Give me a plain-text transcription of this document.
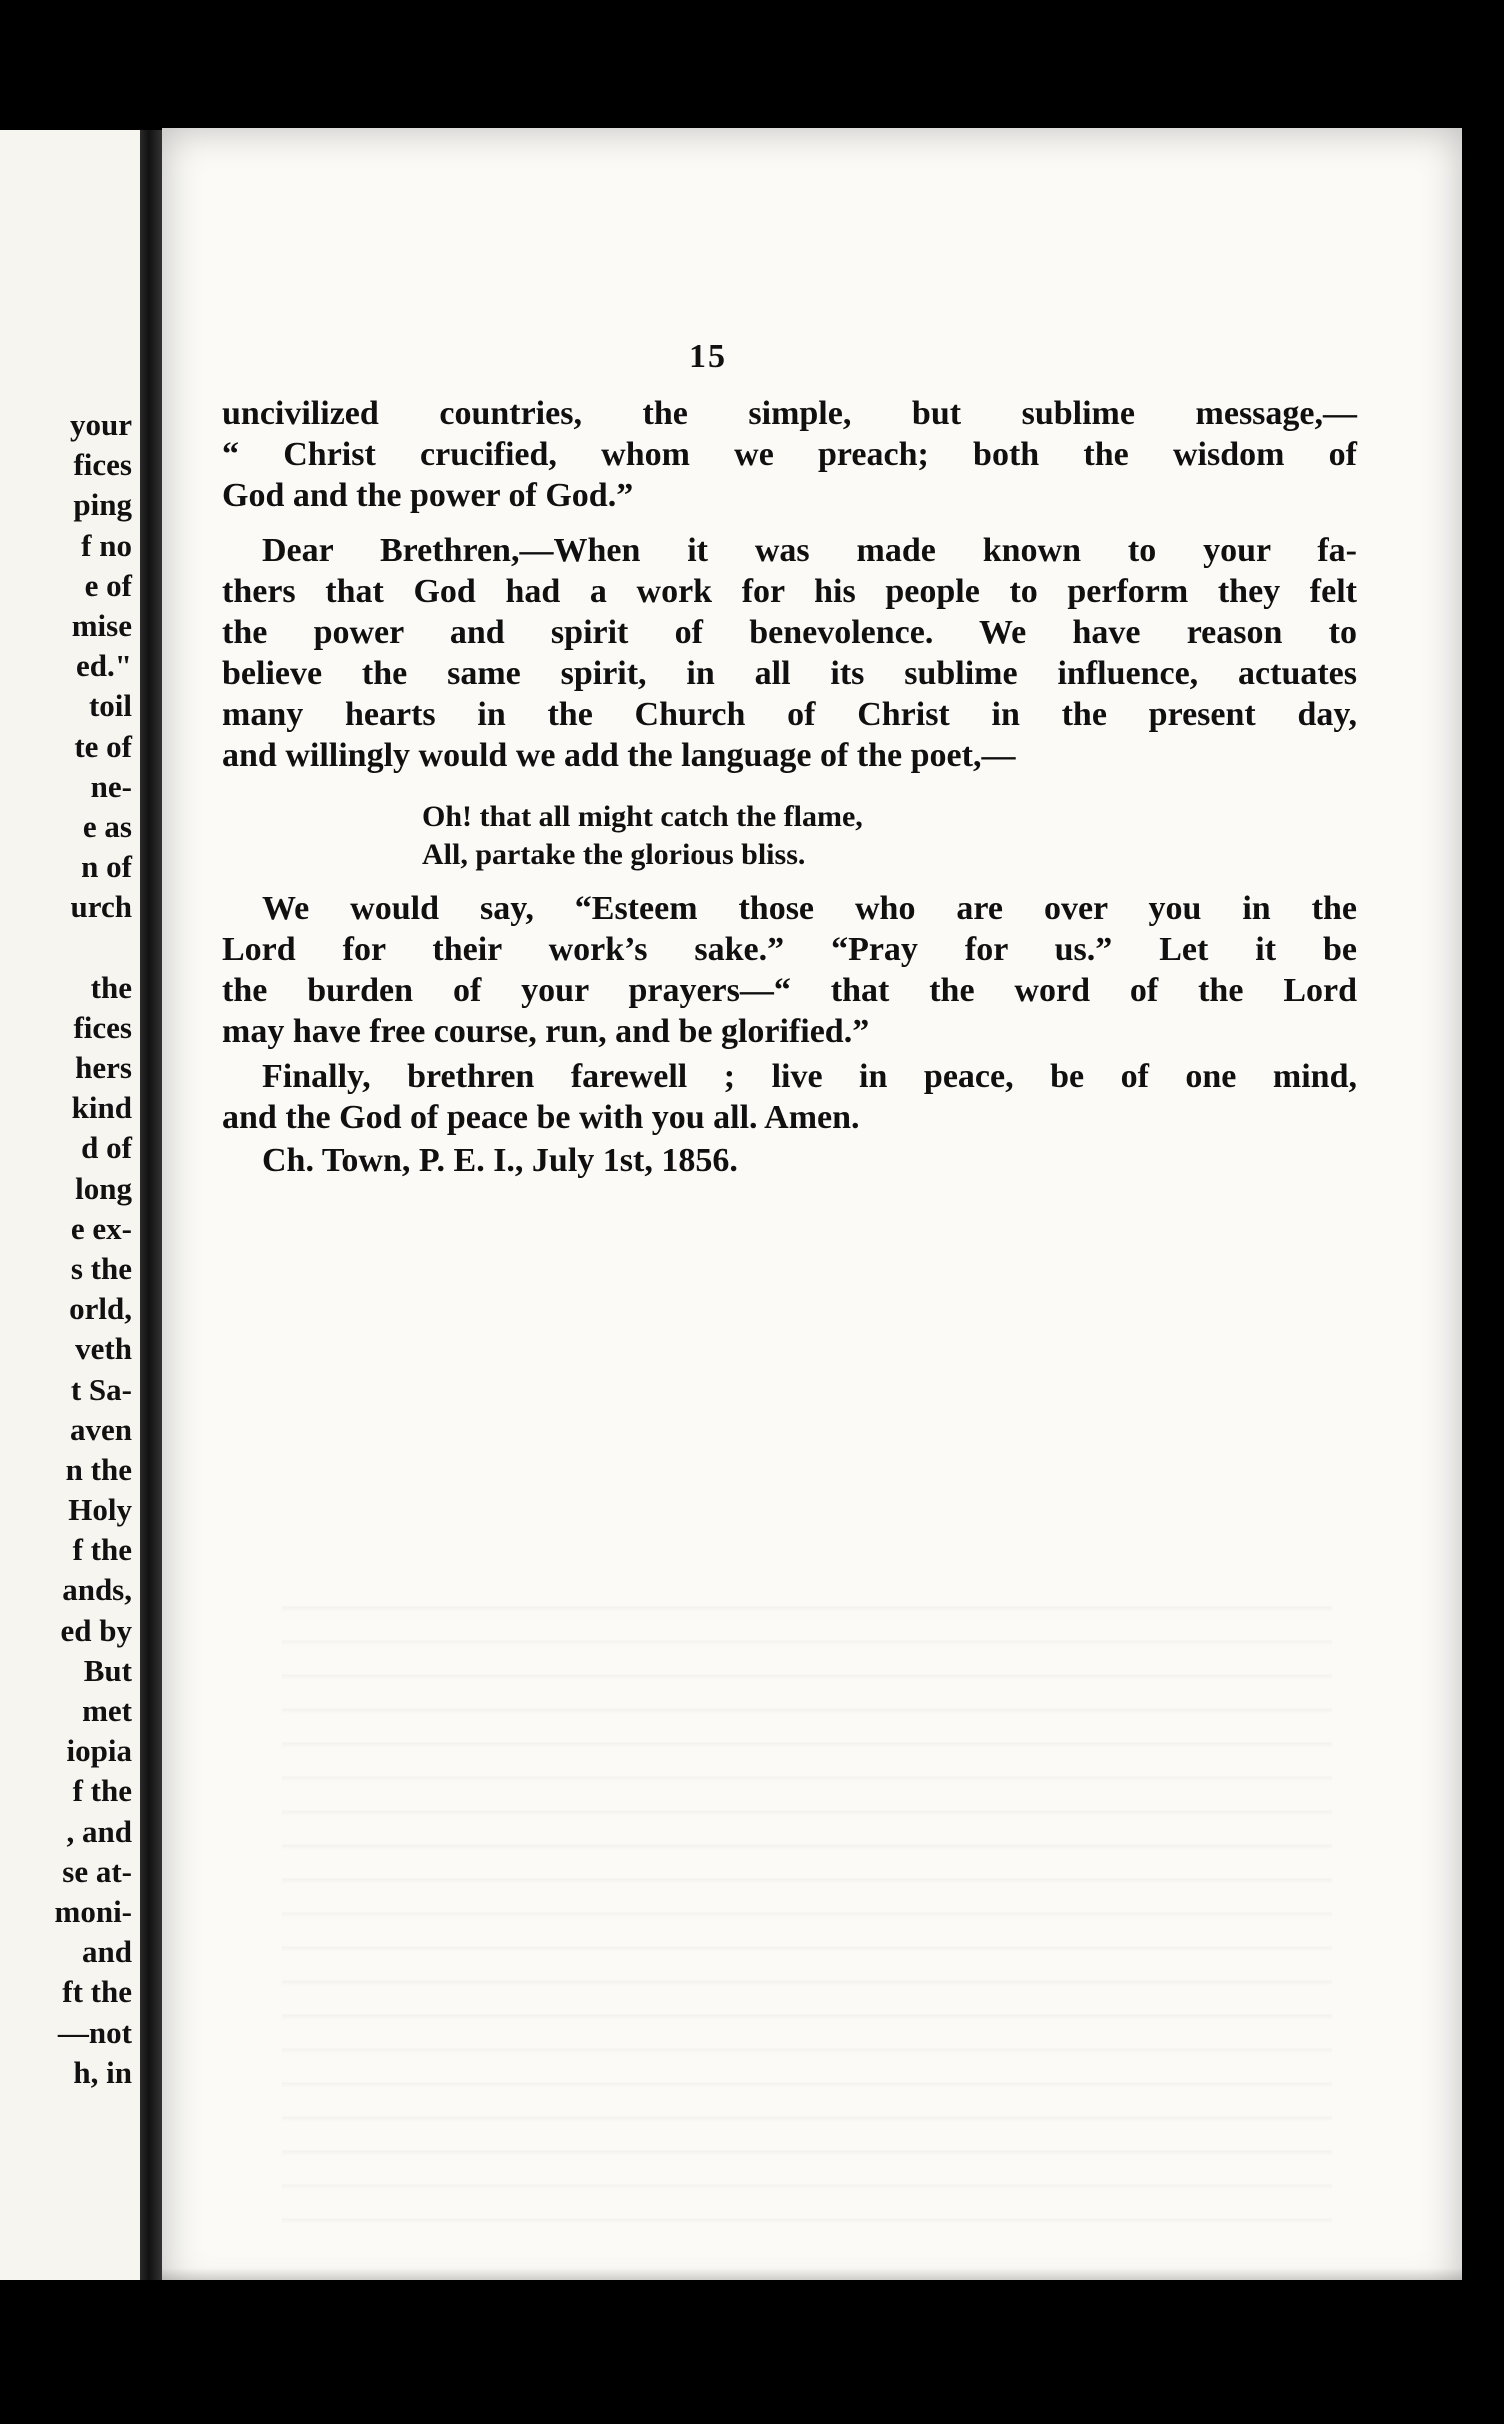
your
fices
ping
f no
e of
mise
ed."
toil
te of
ne-
e as
n of
urch
the
fices
hers
kind
d of
long
e ex-
s the
orld,
veth
t Sa-
aven
n the
Holy
f the
ands,
ed by
But
met
iopia
f the
, and
se at-
moni-
and
ft the
—not
h, in
15

uncivilized countries, the simple, but sublime message,—
“ Christ crucified, whom we preach; both the wisdom of
God and the power of God.”

Dear Brethren,—When it was made known to your fa-
thers that God had a work for his people to perform they felt
the power and spirit of benevolence. We have reason to
believe the same spirit, in all its sublime influence, actuates
many hearts in the Church of Christ in the present day,
and willingly would we add the language of the poet,—

Oh! that all might catch the flame,
All, partake the glorious bliss.

We would say, “Esteem those who are over you in the
Lord for their work’s sake.” “Pray for us.” Let it be
the burden of your prayers—“ that the word of the Lord
may have free course, run, and be glorified.”

Finally, brethren farewell ; live in peace, be of one mind,
and the God of peace be with you all. Amen.

Ch. Town, P. E. I., July 1st, 1856.
